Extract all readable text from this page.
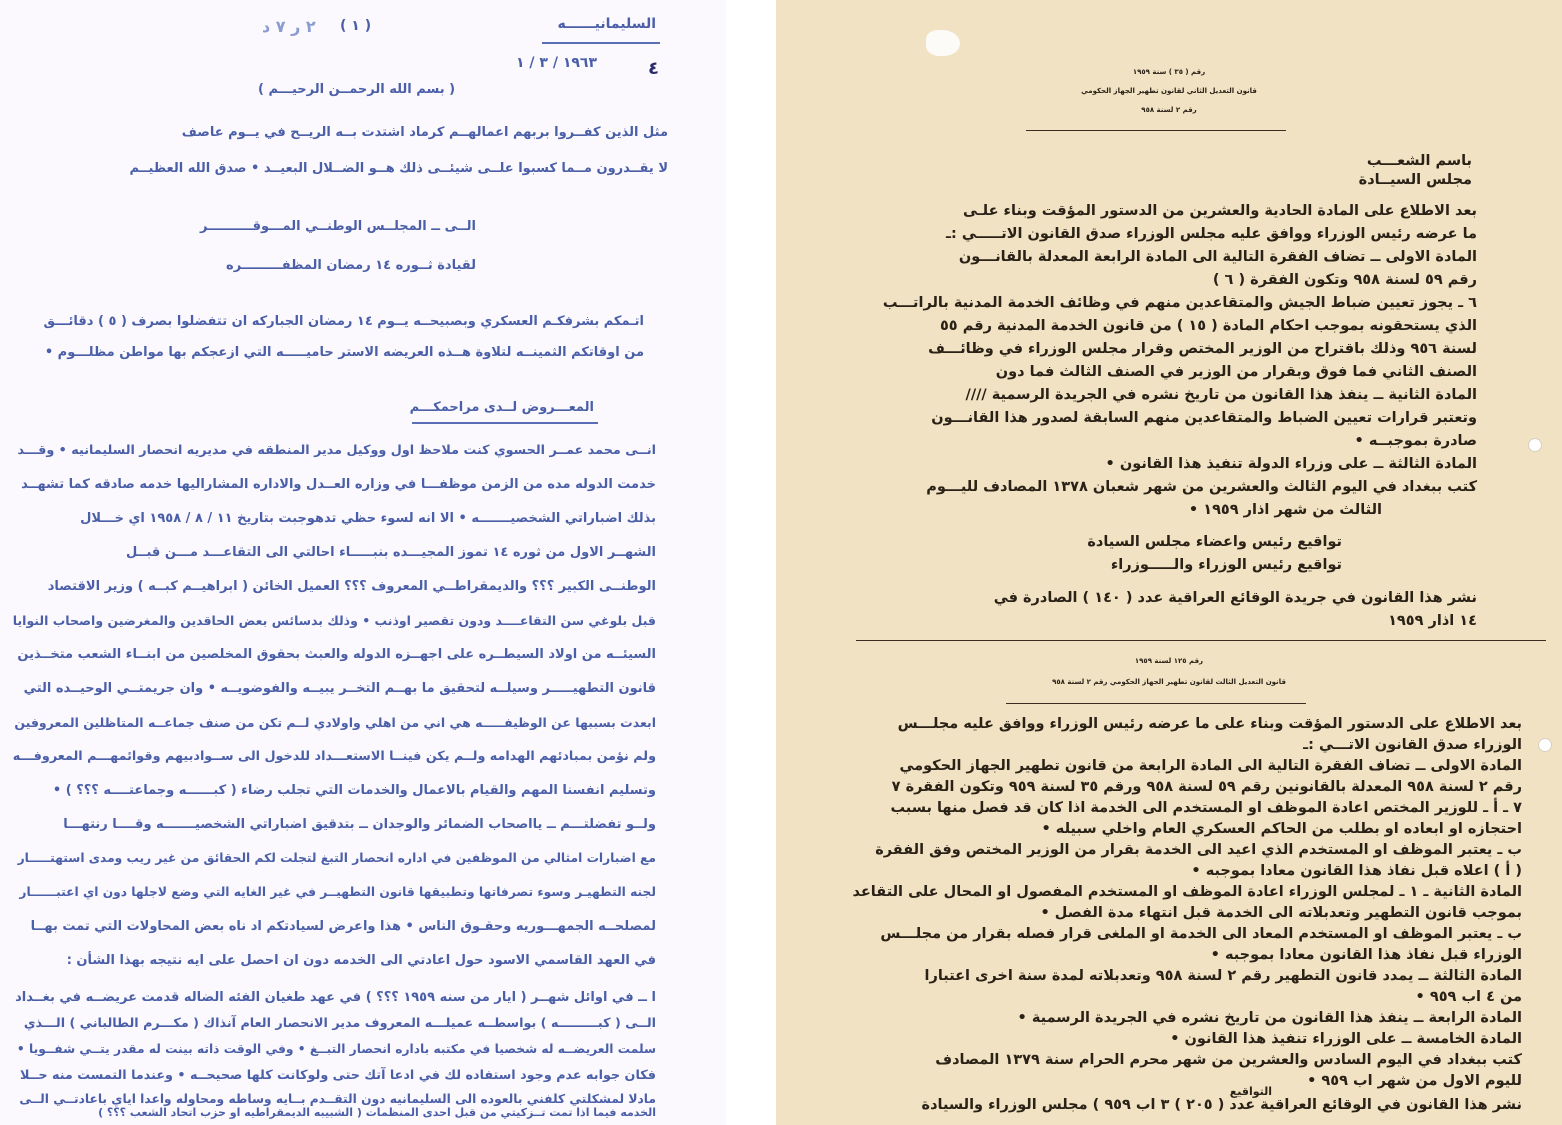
۲ ر ۷ د ( ۱ )	السليمانيــــــه
۱۹٦۳ / ۳ / ۱	٤
( بسم الله الرحمــن الرحيـــم )
مثل الذين كفــروا بربهم اعمالهــم كرماد اشتدت بــه الريــح في يــوم عاصف
لا يقــدرون مــما كسبوا علــى شيئــى ذلك هــو الضــلال البعيــد • صدق الله العظيــم
الــى ــ المجلــس الوطنــي المـــوقــــــــــر
لقيادة ثــوره ١٤ رمضان المظفـــــــــره
اتـمكم بشرفكـم العسكري وبصبيحــه يــوم ١٤ رمضان الجباركه ان تتفضلوا بصرف ( ٥ ) دقائـــق
من اوقاتكم الثمينــه لتلاوة هــذه العريضه الاستر حاميـــــه التي ازعجكم بها مواطن مظلـــوم •
المعـــروض لــدى مراحمكـــم
انــى محمد عمــر الحسوي كنت ملاحظ اول ووكيل مدير المنطقه في مديريه انحصار السليمانيه • وقـــد
خدمت الدوله مده من الزمن موظفـــا في وزاره العــدل والاداره المشاراليها خدمه صادقه كما تشهــد
بذلك اضباراتي الشخصيـــــــه • الا انه لسوء حظي تدهوجبت بتاريخ ١١ / ٨ / ١٩٥٨ اي خـــلال
الشهــر الاول من ثوره ١٤ تموز المجيـــده بنبـــــاء احالتي الى التقاعـــد مـــن قبــل
الوطنــى الكبير ؟؟؟ والديمقراطــي المعروف ؟؟؟ العميل الخائن ( ابراهيــم كبــه ) وزير الاقتصاد
قبل بلوغي سن التقاعــــد ودون تقصير اوذنب • وذلك بدسائس بعض الحاقدين والمغرضين واصحاب النوايا
السيئــه من اولاد السيطــره على اجهــزه الدوله والعبث بحقوق المخلصين من ابنــاء الشعب متخــذين
قانون التطهيـــــر وسيلــه لتحقيق ما بهــم التخــر يبيــه والفوضويــه • وان جريمتــي الوحيــده التي
ابعدت بسببها عن الوظيفـــــه هي اني من اهلي واولادي لــم تكن من صنف جماعــه المتاظلين المعروفين
ولم نؤمن بمبادئهم الهدامه ولــم يكن فينــا الاستعـــداد للدخول الى ســوادبيهم وقوائمهـــم المعروفـــه
وتسليم انفسنا المهم والقيام بالاعمال والخدمات التي تجلب رضاء ( كبــــــه وجماعتــــه ؟؟؟ ) •
ولــو تفضلتـــم ــ يااصحاب الضمائر والوجدان ــ بتدقيق اضباراتي الشخصيـــــــه وقــــا رنتهـــا
مع اضبارات امثالي من الموظفين في اداره انحصار التبغ لتجلت لكم الحقائق من غير ريب ومدى استهتـــــار
لجنه التطهيـر وسوء تصرفاتها وتطبيقها قانون التطهيــر في غير الغايه التي وضع لاجلها دون اي اعتبــــــار
لمصلحــه الجمهـــوريه وحقـوق الناس • هذا واعرض لسيادتكم اد ناه بعض المحاولات التي تمت بهــا
في العهد القاسمي الاسود حول اعادتي الى الخدمه دون ان احصل على ايه نتيجه بهذا الشأن :
ا ــ في اوائل شهــر ( ايار من سنه ١٩٥٩ ؟؟؟ ) في عهد طغيان الفئه الضاله قدمت عريضــه في بغــداد
الــى ( كبـــــــــه ) بواسطــه عميلـــه المعروف مدير الانحصار العام آنذاك ( مكـــرم الطالباني ) الـــذي
سلمت العريضــه له شخصيا في مكتبه باداره انحصار التبــغ • وفي الوقت ذاته بينت له مقدر يتــي شفــويا •
فكان جوابه عدم وجود استفاده لك في ادعا آتك حتى ولوكانت كلها صحيحــه • وعندما التمست منه حــلا
مادلا لمشكلتي كلفني بالعوده الى السليمانيه دون التقــدم بــايه وساطه ومحاوله واعدا اياي باعادتــي الــى
الخدمه فيما اذا تمت تــزكيتي من قبل احدى المنظمات ( الشبيبه الديمقراطيه او حزب اتحاد الشعب ؟؟؟ )
رقم ( ٣٥ ) سنة ١٩٥٩
قانون التعديل الثاني لقانون تطهير الجهاز الحكومي
رقم ٢ لسنة ٩٥٨
باسم الشعـــب
مجلس السيــادة
بعد الاطلاع على المادة الحادية والعشرين من الدستور المؤقت وبناء علـى
ما عرضه رئيس الوزراء ووافق عليه مجلس الوزراء صدق القانون الاتـــــي :ـ
المادة الاولى ــ تضاف الفقرة التالية الى المادة الرابعة المعدلة بالقانـــون
رقم ٥٩ لسنة ٩٥٨ وتكون الفقرة ( ٦ )
٦ ـ يجوز تعيين ضباط الجيش والمتقاعدين منهم في وظائف الخدمة المدنية بالراتـــب
الذي يستحقونه بموجب احكام المادة ( ١٥ ) من قانون الخدمة المدنية رقم ٥٥
لسنة ٩٥٦ وذلك باقتراح من الوزير المختص وقرار مجلس الوزراء في وظائـــف
الصنف الثاني فما فوق وبقرار من الوزير في الصنف الثالث فما دون
المادة الثانية ــ ينفذ هذا القانون من تاريخ نشره في الجريدة الرسمية ////
وتعتبر قرارات تعيين الضباط والمتقاعدين منهم السابقة لصدور هذا القانـــون
صادرة بموجبــه •
المادة الثالثة ــ على وزراء الدولة تنفيذ هذا القانون •
كتب ببغداد في اليوم الثالث والعشرين من شهر شعبان ١٣٧٨ المصادف لليـــوم
الثالث من شهر اذار ١٩٥٩ •
تواقيع رئيس واعضاء مجلس السيادة
تواقيع رئيس الوزراء والـــــوزراء
نشر هذا القانون في جريدة الوقائع العراقية عدد ( ١٤٠ ) الصادرة في
١٤ اذار ١٩٥٩
رقم ١٢٥ لسنة ١٩٥٩
قانون التعديل الثالث لقانون تطهير الجهاز الحكومي رقم ٢ لسنة ٩٥٨
بعد الاطلاع على الدستور المؤقت وبناء على ما عرضه رئيس الوزراء ووافق عليه مجلـــس
الوزراء صدق القانون الاتـــي :ـ
المادة الاولى ــ تضاف الفقرة التالية الى المادة الرابعة من قانون تطهير الجهاز الحكومي
رقم ٢ لسنة ٩٥٨ المعدلة بالقانونين رقم ٥٩ لسنة ٩٥٨ ورقم ٣٥ لسنة ٩٥٩ وتكون الفقرة ٧
٧ ـ أ ـ للوزير المختص اعادة الموظف او المستخدم الى الخدمة اذا كان قد فصل منها بسبب
احتجازه او ابعاده او بطلب من الحاكم العسكري العام واخلي سبيله •
ب ـ يعتبر الموظف او المستخدم الذي اعيد الى الخدمة بقرار من الوزير المختص وفق الفقرة
( أ ) اعلاه قبل نفاذ هذا القانون معادا بموجبه •
المادة الثانية ـ ١ ـ لمجلس الوزراء اعادة الموظف او المستخدم المفصول او المحال على التقاعد
بموجب قانون التطهير وتعدبلاته الى الخدمة قبل انتهاء مدة الفصل •
ب ـ يعتبر الموظف او المستخدم المعاد الى الخدمة او الملغى قرار فصله بقرار من مجلـــس
الوزراء قبل نفاذ هذا القانون معادا بموجبه •
المادة الثالثة ــ يمدد قانون التطهير رقم ٢ لسنة ٩٥٨ وتعدبلاته لمدة سنة اخرى اعتبارا
من ٤ اب ٩٥٩ •
المادة الرابعة ــ ينفذ هذا القانون من تاريخ نشره في الجريدة الرسمية •
المادة الخامسة ــ على الوزراء تنفيذ هذا القانون •
كتب ببغداد في اليوم السادس والعشرين من شهر محرم الحرام سنة ١٣٧٩ المصادف
لليوم الاول من شهر اب ٩٥٩ •
نشر هذا القانون في الوقائع العراقية عدد ( ٢٠٥ ) ٣ اب ٩٥٩ ) مجلس الوزراء والسيادة
التواقيع
